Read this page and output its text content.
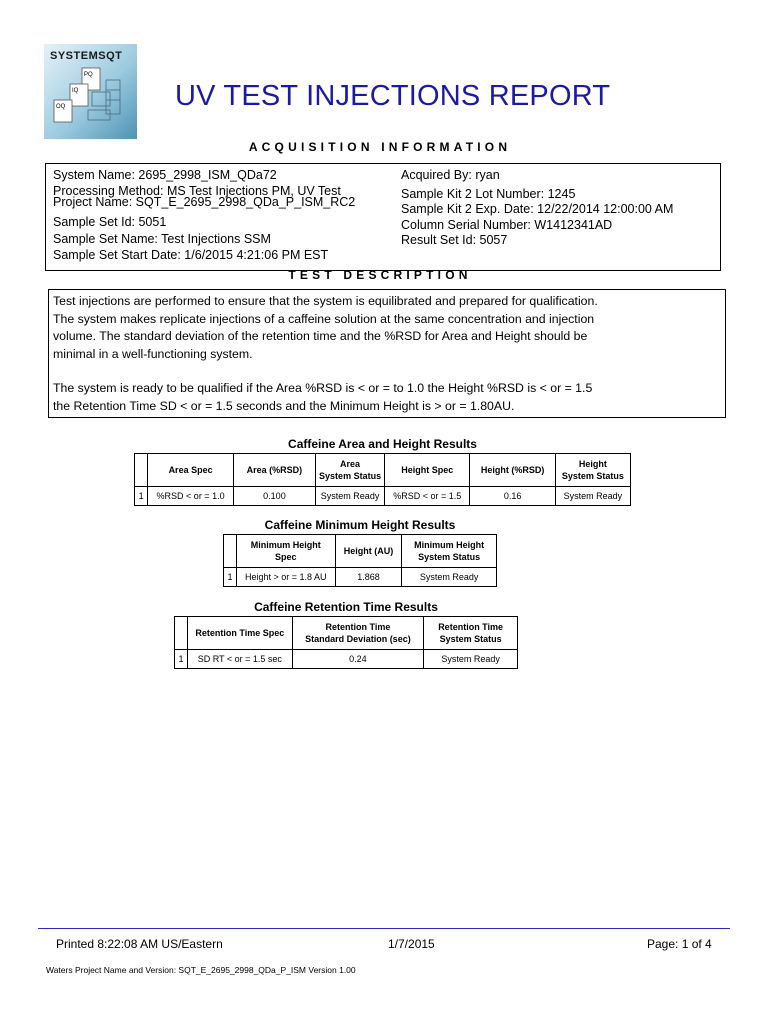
SYSTEMSQT
PQ
IQ
OQ	UV TEST INJECTIONS REPORT
ACQUISITION INFORMATION
System Name: 2695_2998_ISM_QDa72
Processing Method: MS Test Injections PM, UV Test
Project Name: SQT_E_2695_2998_QDa_P_ISM_RC2
Sample Set Id: 5051
Sample Set Name: Test Injections SSM
Sample Set Start Date: 1/6/2015 4:21:06 PM EST
Acquired By: ryan
Sample Kit 2 Lot Number: 1245
Sample Kit 2 Exp. Date: 12/22/2014 12:00:00 AM
Column Serial Number: W1412341AD
Result Set Id: 5057
TEST DESCRIPTION

Test injections are performed to ensure that the system is equilibrated and prepared for qualification.
The system makes replicate injections of a caffeine solution at the same concentration and injection
volume. The standard deviation of the retention time and the %RSD for Area and Height should be
minimal in a well-functioning system.

The system is ready to be qualified if the Area %RSD is < or = to 1.0 the Height %RSD is < or = 1.5
the Retention Time SD < or = 1.5 seconds and the Minimum Height is > or = 1.80AU.

Caffeine Area and Height Results
	Area Spec	Area (%RSD)	Area
System Status	Height Spec	Height (%RSD)	Height
System Status
1	%RSD < or = 1.0	0.100	System Ready	%RSD < or = 1.5	0.16	System Ready
Caffeine Minimum Height Results
	Minimum Height
Spec	Height (AU)	Minimum Height
System Status
1	Height > or = 1.8 AU	1.868	System Ready
Caffeine Retention Time Results
	Retention Time Spec	Retention Time
Standard Deviation (sec)	Retention Time
System Status
1	SD RT < or = 1.5 sec	0.24	System Ready
Printed 8:22:08 AM US/Eastern	1/7/2015	Page: 1 of 4
Waters Project Name and Version: SQT_E_2695_2998_QDa_P_ISM Version 1.00
